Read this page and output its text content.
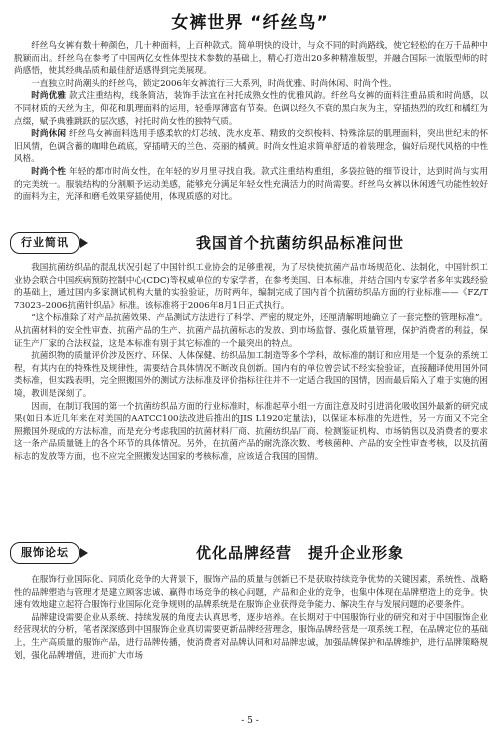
女裤世界 “纤丝鸟”

纤丝鸟女裤有数十种颜色，几十种面料，上百种款式。简单明快的设计，与众不同的时尚路线，使它轻松的在万千品种中脱颖而出。纤丝鸟在参考了中国两亿女性体型技术参数的基础上，精心打造出20多种精准版型，并融合国际一流版型师的时尚感悟，使其经典品质和最佳舒适感得到完美展现。

一直独立时尚潮头的纤丝鸟，锁定2006年女裤流行三大系列，时尚优雅、时尚休闲、时尚个性。

时尚优雅 款式注重结构，线条简洁，装饰手法宜在衬托成熟女性的优雅风韵。纤丝鸟女裤的面料注重品质和时尚感，以不同材质的天丝为主，仰花和肌理面料的运用，轻垂厚薄富有节奏。色调以经久不衰的黑白灰为主，穿插热烈的玫红和橘红为点缀，赋予典雅跳跃的层次感，衬托时尚女性的独特气质。

时尚休闲 纤丝鸟女裤面料选用手感柔软的灯芯绒、洗水皮革、精致的交织梭料、特殊涂层的肌理面料，突出世纪末的怀旧风情，色调含蓄的咖啡色疏底，穿插晴天的兰色、亮丽的橘黄。时尚女性追求简单舒适的着装理念，偏好后现代风格的中性风格。

时尚个性 年轻的都市时尚女性，在年轻的岁月里寻找自我。款式注重结构重组，多袋拉链的细节设计，达到时尚与实用的完美统一。服装结构的分割顺予运动美感，能够充分满足年轻女性充满活力的时尚需要。纤丝鸟女裤以休闲透气功能性较好的面料为主，光泽和磨毛效果穿插使用，体现质感的对比。

行业简讯	我国首个抗菌纺织品标准问世

我国抗菌纺织品的混乱状况引起了中国针织工业协会的足够重视，为了尽快使抗菌产品市场规范化、法制化，中国针织工业协会联合中国疾病预防控制中心(CDC)等权威单位的专家学者，在参考美国、日本标准，并结合国内专家学者多年实践经验的基础上，通过国内多家测试机构大量的实验验证，历时两年，编制完成了国内首个抗菌纺织品方面的行业标准——《FZ/T 73023–2006抗菌针织品》标准。该标准将于2006年8月1日正式执行。

“这个标准除了对产品抗菌效果、产品测试方法进行了科学、严密的规定外，还厘清解明地确立了一套完整的管理标准”。从抗菌材料的安全性审查、抗菌产品的生产、抗菌产品抗菌标志的发放、到市场监督、强化质量管理，保护消费者的利益，保证生产厂家的合法权益，这是本标准有别于其它标准的一个最突出的特点。

抗菌织物的质量评价涉及医疗、环保、人体保健、纺织品加工制造等多个学科，故标准的制订和应用是一个复杂的系统工程，有其内在的特殊性及规律性，需要结合具体情况不断改良创新。国内有的单位曾尝试不经实验验证，直接翻译使用国外同类标准，但实践表明，完全照搬国外的测试方法标准及评价指标往往并不一定适合我国的国情，因而最后陷入了难于实施的困境，教训是深刻了。

因而，在制订我国的第一个抗菌纺织品方面的行业标准时，标准起草小组一方面注意及时引进消化吸收国外最新的研究成果(如日本近几年来在对美国的AATCC100法改进后推出的JIS L1920定量法)，以保证本标准的先进性，另一方面又不完全照搬国外现成的方法标准，而是充分考虑我国的抗菌材料厂商、抗菌纺织品厂商、检测鉴证机构、市场销售以及消费者的要求这一条产品质量链上的各个环节的具体情况。另外，在抗菌产品的耐洗涤次数、考核菌种、产品的安全性审查考核，以及抗菌标志的发放等方面，也不应完全照搬发达国家的考核标准，应该适合我国的国情。

服饰论坛	优化品牌经营　提升企业形象

在服饰行业国际化、同质化竞争的大背景下，服饰产品的质量与创新已不是获取持续竞争优势的关键因素，系统性、战略性的品牌塑造与管理才是建立顾客忠诚、赢得市场竞争的核心问题，产品和企业的竞争，也集中体现在品牌塑造上的竞争。快速有效地建立起符合服饰行业国际化竞争规则的品牌系统是在服饰企业获得竞争能力、解决生存与发展问题的必要条件。

品牌建设需要企业从系统、持续发展的角度去认真思考，逐步培养。在长期对于中国服饰行业的研究和对于中国服饰企业经营现状的分析，笔者深深感到中国服饰企业真切需要更新品牌经营理念，服饰品牌经营是一项系统工程，在品牌定位的基础上，生产高质量的服饰产品，进行品牌传播，使消费者对品牌认同和对品牌忠诚，加强品牌保护和品牌维护，进行品牌策略规划，强化品牌增值，进而扩大市场

- 5 -
